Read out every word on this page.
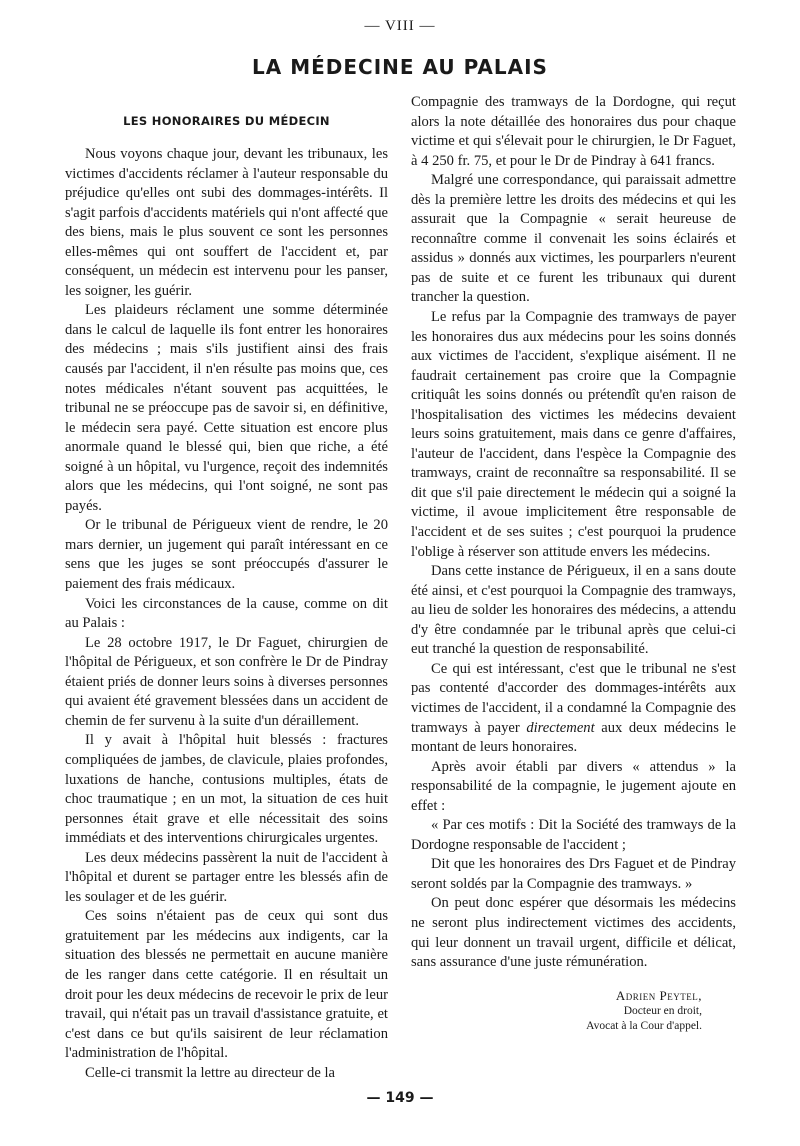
— VIII —
LA MÉDECINE AU PALAIS
LES HONORAIRES DU MÉDECIN

Nous voyons chaque jour, devant les tribunaux, les victimes d'accidents réclamer à l'auteur responsable du préjudice qu'elles ont subi des dommages-intérêts. Il s'agit parfois d'accidents matériels qui n'ont affecté que des biens, mais le plus souvent ce sont les personnes elles-mêmes qui ont souffert de l'accident et, par conséquent, un médecin est intervenu pour les panser, les soigner, les guérir.

Les plaideurs réclament une somme déterminée dans le calcul de laquelle ils font entrer les honoraires des médecins ; mais s'ils justifient ainsi des frais causés par l'accident, il n'en résulte pas moins que, ces notes médicales n'étant souvent pas acquittées, le tribunal ne se préoccupe pas de savoir si, en définitive, le médecin sera payé. Cette situation est encore plus anormale quand le blessé qui, bien que riche, a été soigné à un hôpital, vu l'urgence, reçoit des indemnités alors que les médecins, qui l'ont soigné, ne sont pas payés.

Or le tribunal de Périgueux vient de rendre, le 20 mars dernier, un jugement qui paraît intéressant en ce sens que les juges se sont préoccupés d'assurer le paiement des frais médicaux.

Voici les circonstances de la cause, comme on dit au Palais :

Le 28 octobre 1917, le Dr Faguet, chirurgien de l'hôpital de Périgueux, et son confrère le Dr de Pindray étaient priés de donner leurs soins à diverses personnes qui avaient été gravement blessées dans un accident de chemin de fer survenu à la suite d'un déraillement.

Il y avait à l'hôpital huit blessés : fractures compliquées de jambes, de clavicule, plaies profondes, luxations de hanche, contusions multiples, états de choc traumatique ; en un mot, la situation de ces huit personnes était grave et elle nécessitait des soins immédiats et des interventions chirurgicales urgentes.

Les deux médecins passèrent la nuit de l'accident à l'hôpital et durent se partager entre les blessés afin de les soulager et de les guérir.

Ces soins n'étaient pas de ceux qui sont dus gratuitement par les médecins aux indigents, car la situation des blessés ne permettait en aucune manière de les ranger dans cette catégorie. Il en résultait un droit pour les deux médecins de recevoir le prix de leur travail, qui n'était pas un travail d'assistance gratuite, et c'est dans ce but qu'ils saisirent de leur réclamation l'administration de l'hôpital.

Celle-ci transmit la lettre au directeur de la

Compagnie des tramways de la Dordogne, qui reçut alors la note détaillée des honoraires dus pour chaque victime et qui s'élevait pour le chirurgien, le Dr Faguet, à 4 250 fr. 75, et pour le Dr de Pindray à 641 francs.

Malgré une correspondance, qui paraissait admettre dès la première lettre les droits des médecins et qui les assurait que la Compagnie « serait heureuse de reconnaître comme il convenait les soins éclairés et assidus » donnés aux victimes, les pourparlers n'eurent pas de suite et ce furent les tribunaux qui durent trancher la question.

Le refus par la Compagnie des tramways de payer les honoraires dus aux médecins pour les soins donnés aux victimes de l'accident, s'explique aisément. Il ne faudrait certainement pas croire que la Compagnie critiquât les soins donnés ou prétendît qu'en raison de l'hospitalisation des victimes les médecins devaient leurs soins gratuitement, mais dans ce genre d'affaires, l'auteur de l'accident, dans l'espèce la Compagnie des tramways, craint de reconnaître sa responsabilité. Il se dit que s'il paie directement le médecin qui a soigné la victime, il avoue implicitement être responsable de l'accident et de ses suites ; c'est pourquoi la prudence l'oblige à réserver son attitude envers les médecins.

Dans cette instance de Périgueux, il en a sans doute été ainsi, et c'est pourquoi la Compagnie des tramways, au lieu de solder les honoraires des médecins, a attendu d'y être condamnée par le tribunal après que celui-ci eut tranché la question de responsabilité.

Ce qui est intéressant, c'est que le tribunal ne s'est pas contenté d'accorder des dommages-intérêts aux victimes de l'accident, il a condamné la Compagnie des tramways à payer directement aux deux médecins le montant de leurs honoraires.

Après avoir établi par divers « attendus » la responsabilité de la compagnie, le jugement ajoute en effet :

« Par ces motifs : Dit la Société des tramways de la Dordogne responsable de l'accident ;

Dit que les honoraires des Drs Faguet et de Pindray seront soldés par la Compagnie des tramways. »

On peut donc espérer que désormais les médecins ne seront plus indirectement victimes des accidents, qui leur donnent un travail urgent, difficile et délicat, sans assurance d'une juste rémunération.

Adrien Peytel,
Docteur en droit,
Avocat à la Cour d'appel.
— 149 —
